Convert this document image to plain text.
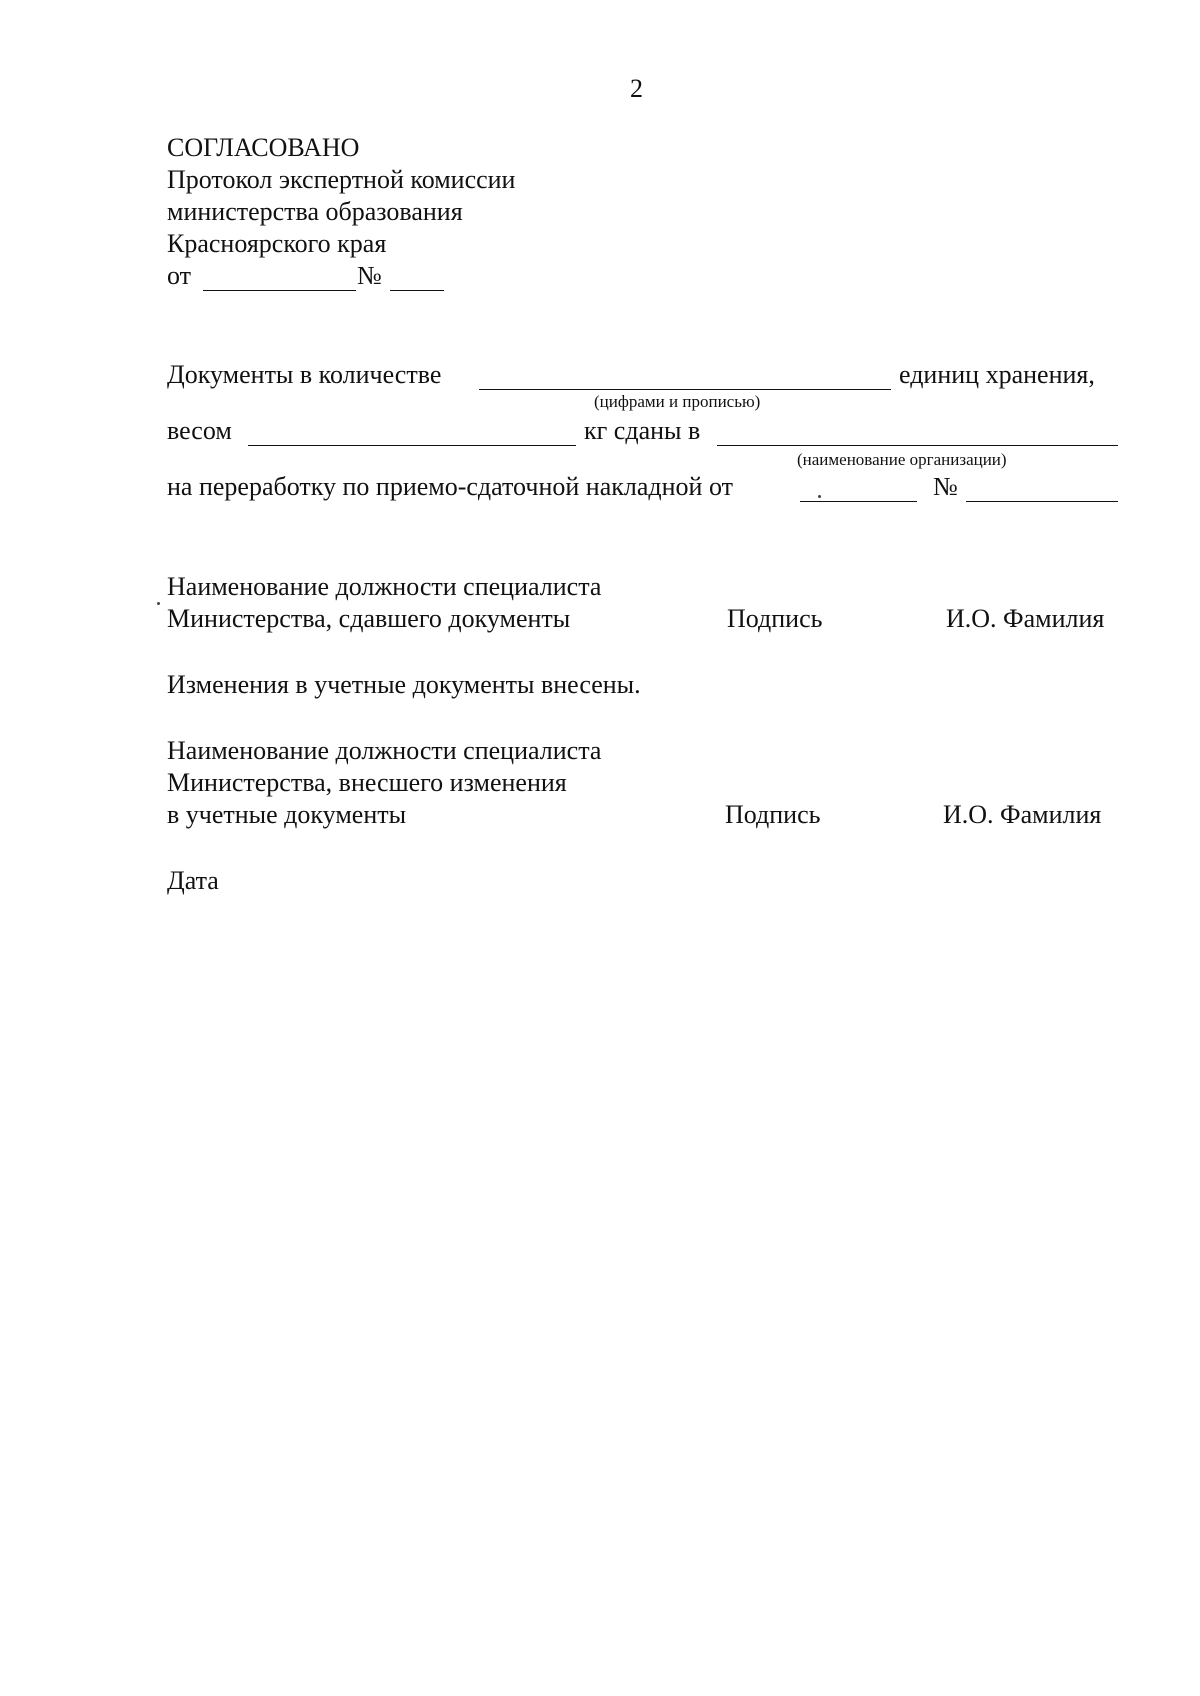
2
СОГЛАСОВАНО
Протокол экспертной комиссии
министерства образования
Красноярского края
от	№
Документы в количестве	единиц хранения,
(цифрами и прописью)
весом	кг сданы в
(наименование организации)
на переработку по приемо-сдаточной накладной от	№
Наименование должности специалиста
Министерства, сдавшего документы	Подпись	И.О. Фамилия
Изменения в учетные документы внесены.
Наименование должности специалиста
Министерства, внесшего изменения
в учетные документы	Подпись	И.О. Фамилия
Дата
